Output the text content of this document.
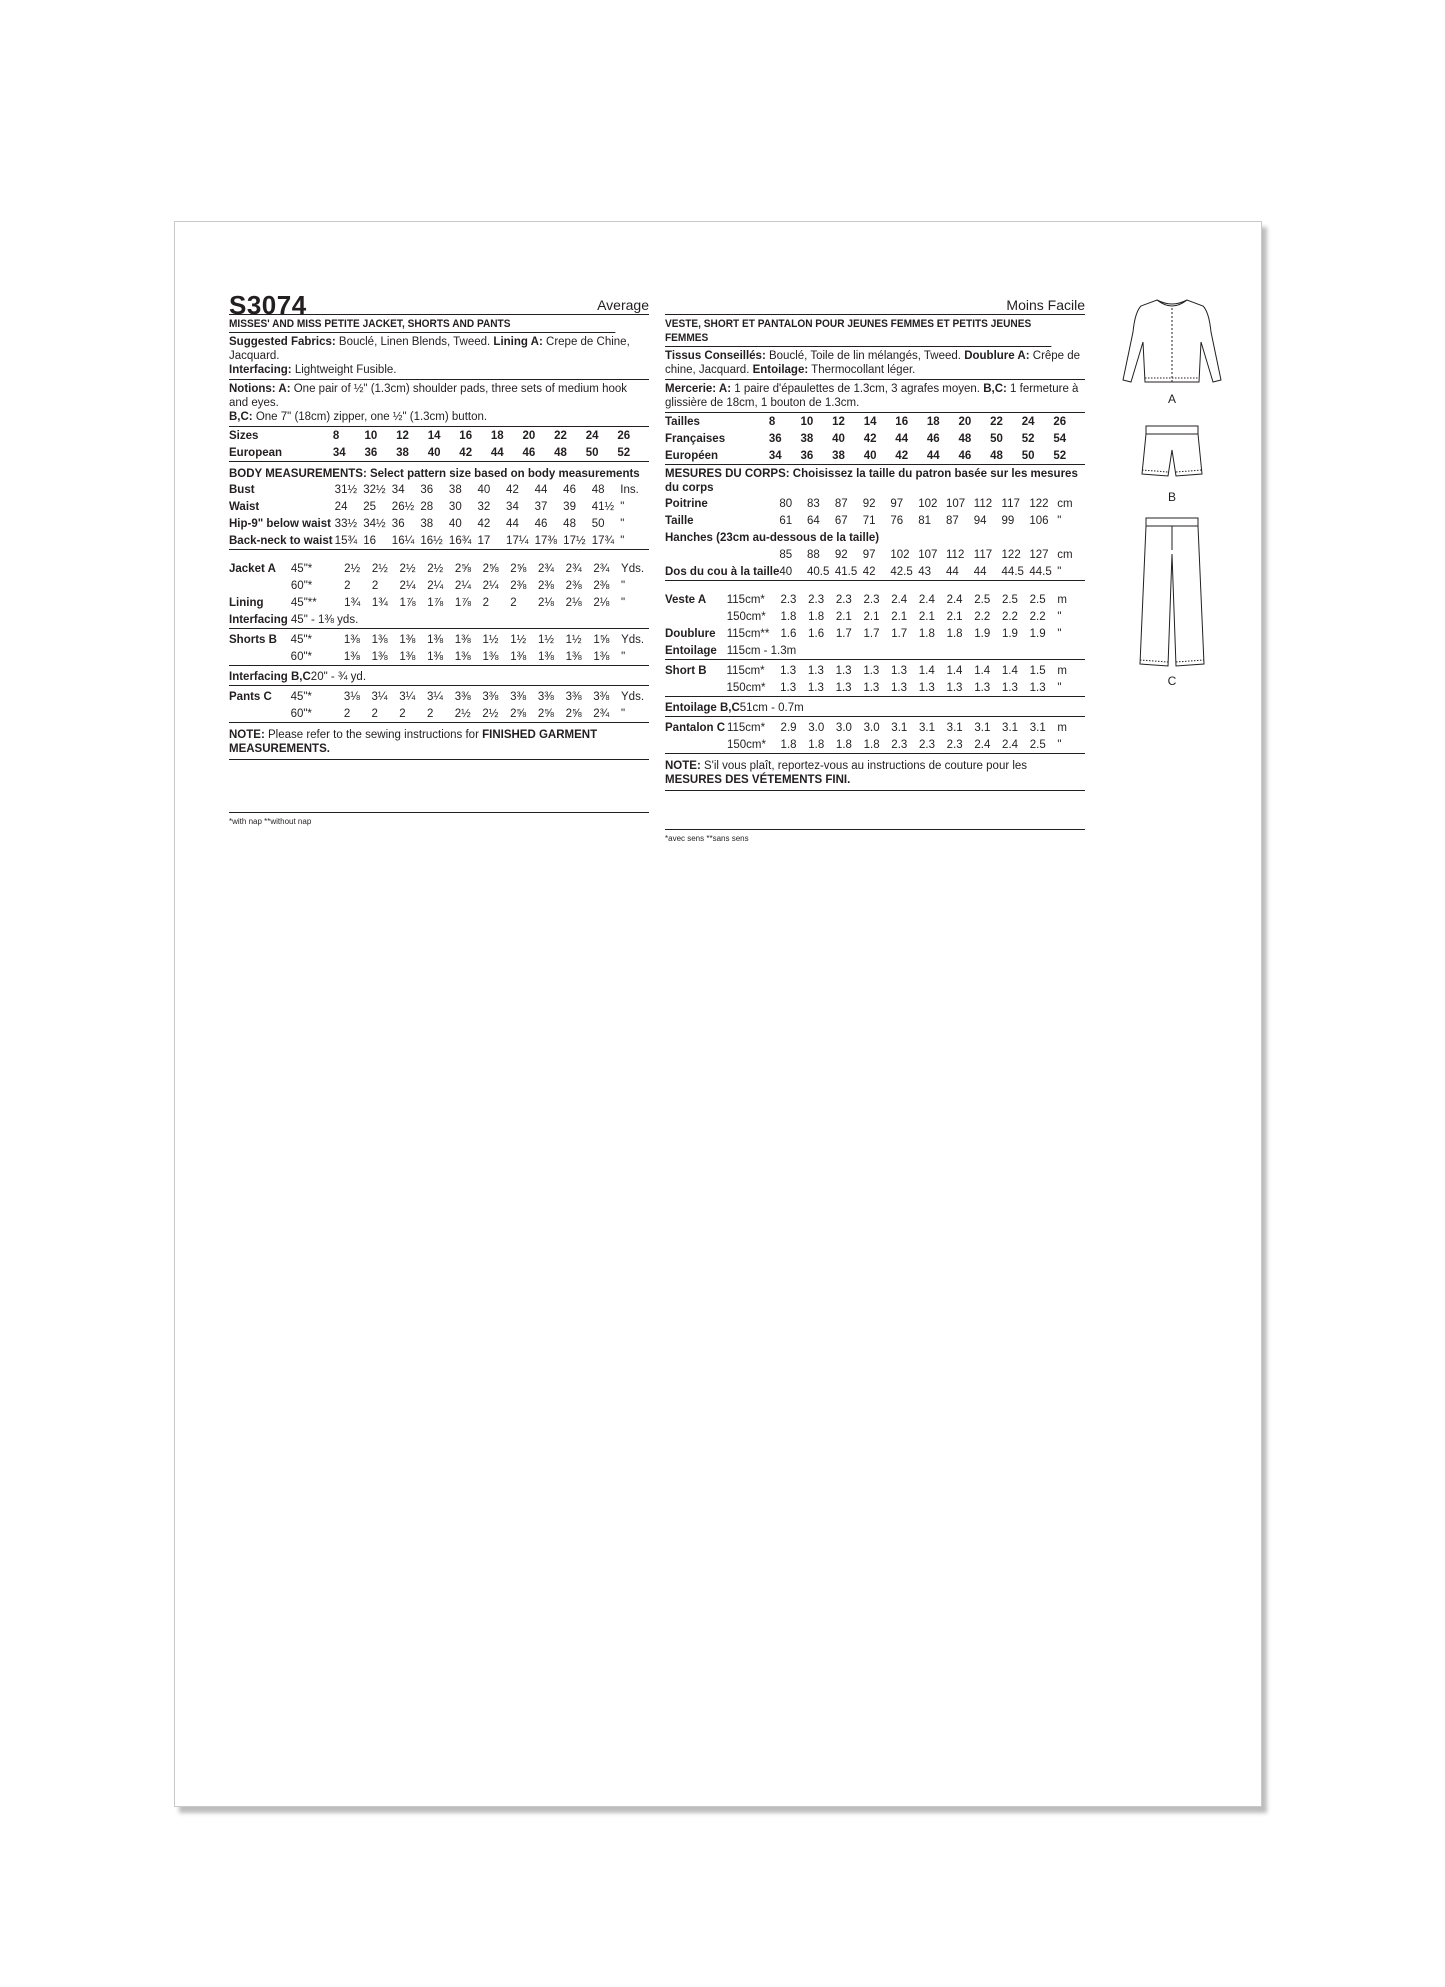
S3074	Average
MISSES' AND MISS PETITE JACKET, SHORTS AND PANTS
Suggested Fabrics: Bouclé, Linen Blends, Tweed. Lining A: Crepe de Chine, Jacquard.
Interfacing: Lightweight Fusible.
Notions: A: One pair of ½" (1.3cm) shoulder pads, three sets of medium hook and eyes.
B,C: One 7" (18cm) zipper, one ½" (1.3cm) button.
Sizes	8	10	12	14	16	18	20	22	24	26
European	34	36	38	40	42	44	46	48	50	52
BODY MEASUREMENTS: Select pattern size based on body measurements
Bust	31½	32½	34	36	38	40	42	44	46	48	Ins.
Waist	24	25	26½	28	30	32	34	37	39	41½	"
Hip-9" below waist	33½	34½	36	38	40	42	44	46	48	50	"
Back-neck to waist	15¾	16	16¼	16½	16¾	17	17¼	17⅜	17½	17¾	"
Jacket A	45"*	2½	2½	2½	2½	2⅝	2⅝	2⅝	2¾	2¾	2¾	Yds.
	60"*	2	2	2¼	2¼	2¼	2¼	2⅜	2⅜	2⅜	2⅜	"
Lining	45"**	1¾	1¾	1⅞	1⅞	1⅞	2	2	2⅛	2⅛	2⅛	"
Interfacing	45" - 1⅜ yds.											
Shorts B	45"*	1⅜	1⅜	1⅜	1⅜	1⅜	1½	1½	1½	1½	1⅝	Yds.
	60"*	1⅜	1⅜	1⅜	1⅜	1⅜	1⅜	1⅜	1⅜	1⅜	1⅜	"
Interfacing B,C	20" - ¾ yd.
Pants C	45"*	3⅛	3¼	3¼	3¼	3⅜	3⅜	3⅜	3⅜	3⅜	3⅜	Yds.
	60"*	2	2	2	2	2½	2½	2⅝	2⅝	2⅝	2¾	"
NOTE: Please refer to the sewing instructions for FINISHED GARMENT MEASUREMENTS.
*with nap **without nap
Moins Facile
VESTE, SHORT ET PANTALON POUR JEUNES FEMMES ET PETITS JEUNES FEMMES
Tissus Conseillés: Bouclé, Toile de lin mélangés, Tweed. Doublure A: Crêpe de chine, Jacquard. Entoilage: Thermocollant léger.
Mercerie: A: 1 paire d'épaulettes de 1.3cm, 3 agrafes moyen. B,C: 1 fermeture à glissière de 18cm, 1 bouton de 1.3cm.
Tailles	8	10	12	14	16	18	20	22	24	26
Françaises	36	38	40	42	44	46	48	50	52	54
Européen	34	36	38	40	42	44	46	48	50	52
MESURES DU CORPS: Choisissez la taille du patron basée sur les mesures du corps
Poitrine	80	83	87	92	97	102	107	112	117	122	cm
Taille	61	64	67	71	76	81	87	94	99	106	"
Hanches (23cm au-dessous de la taille)											
	85	88	92	97	102	107	112	117	122	127	cm
Dos du cou à la taille	40	40.5	41.5	42	42.5	43	44	44	44.5	44.5	"
Veste A	115cm*	2.3	2.3	2.3	2.3	2.4	2.4	2.4	2.5	2.5	2.5	m
	150cm*	1.8	1.8	2.1	2.1	2.1	2.1	2.1	2.2	2.2	2.2	"
Doublure	115cm**	1.6	1.6	1.7	1.7	1.7	1.8	1.8	1.9	1.9	1.9	"
Entoilage	115cm - 1.3m											
Short B	115cm*	1.3	1.3	1.3	1.3	1.3	1.4	1.4	1.4	1.4	1.5	m
	150cm*	1.3	1.3	1.3	1.3	1.3	1.3	1.3	1.3	1.3	1.3	"
Entoilage B,C	51cm - 0.7m
Pantalon C	115cm*	2.9	3.0	3.0	3.0	3.1	3.1	3.1	3.1	3.1	3.1	m
	150cm*	1.8	1.8	1.8	1.8	2.3	2.3	2.3	2.4	2.4	2.5	"
NOTE: S'il vous plaît, reportez-vous au instructions de couture pour les MESURES DES VÉTEMENTS FINI.
*avec sens **sans sens
A
B
C
